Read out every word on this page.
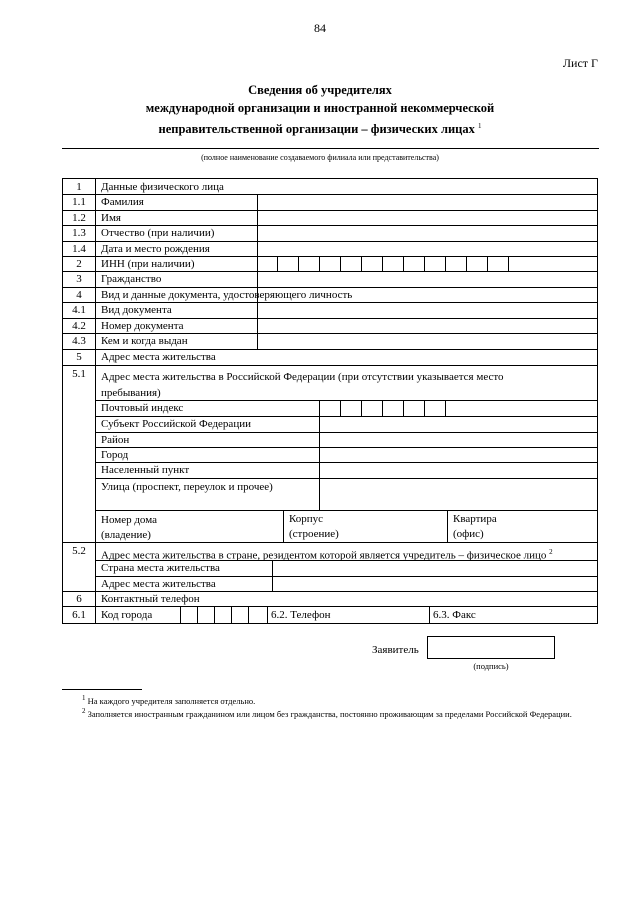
84
Лист Г
Сведения об учредителях
международной организации и иностранной некоммерческой
неправительственной организации – физических лицах $^1$
(полное наименование создаваемого филиала или представительства)
1
1.1
1.2
1.3
1.4
2
3
4
4.1
4.2
4.3
5
5.1
5.2
6
6.1
Данные физического лица
Фамилия
Имя
Отчество (при наличии)
Дата и место рождения
ИНН (при наличии)
Гражданство
Вид и данные документа, удостоверяющего личность
Вид документа
Номер документа
Кем и когда выдан
Адрес места жительства
Адрес места жительства в Российской Федерации (при отсутствии указывается место пребывания)
Почтовый индекс
Субъект Российской Федерации
Район
Город
Населенный пункт
Улица (проспект, переулок и прочее)
Номер дома
(владение)
Корпус
(строение)
Квартира
(офис)
Адрес места жительства в стране, резидентом которой является учредитель – физическое лицо $^2$
Страна места жительства
Адрес места жительства
Контактный телефон
Код города	6.2. Телефон	6.3. Факс
Заявитель
(подпись)
$^1$ На каждого учредителя заполняется отдельно.
$^2$ Заполняется иностранным гражданином или лицом без гражданства, постоянно проживающим за пределами Российской Федерации.
